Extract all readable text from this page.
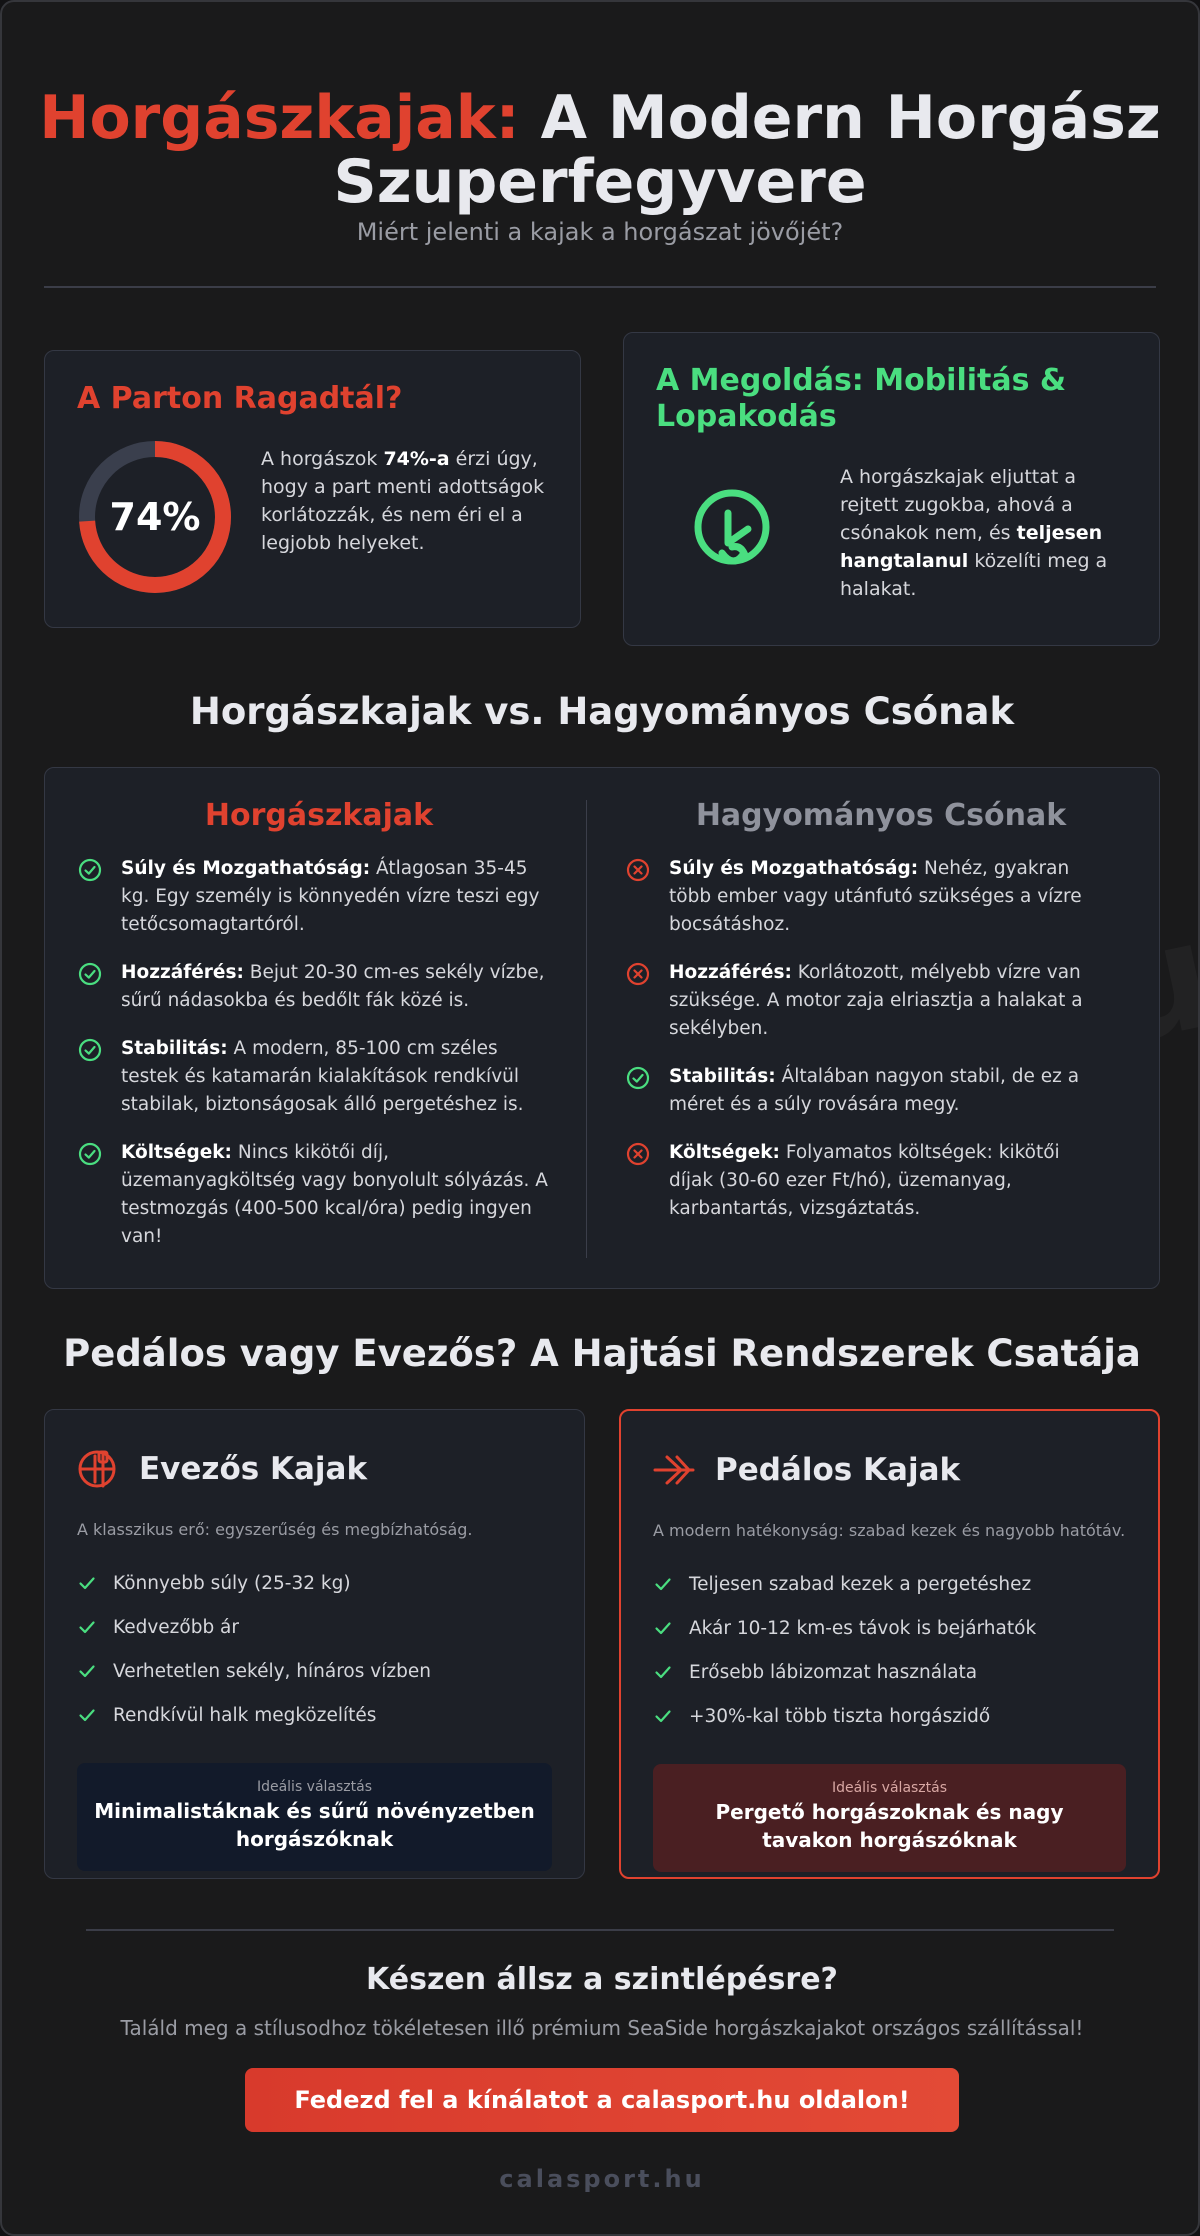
Horgászkajak: A Modern Horgász Szuperfegyvere
Miért jelenti a kajak a horgászat jövőjét?
A Parton Ragadtál?
74%

A horgászok 74%-a érzi úgy, hogy a part menti adottságok korlátozzák, és nem éri el a legjobb helyeket.

A Megoldás: Mobilitás & Lopakodás

A horgászkajak eljuttat a rejtett zugokba, ahová a csónakok nem, és teljesen hangtalanul közelíti meg a halakat.

Horgászkajak vs. Hagyományos Csónak
Horgászkajak
Súly és Mozgathatóság: Átlagosan 35-45 kg. Egy személy is könnyedén vízre teszi egy tetőcsomagtartóról.
Hozzáférés: Bejut 20-30 cm-es sekély vízbe, sűrű nádasokba és bedőlt fák közé is.
Stabilitás: A modern, 85-100 cm széles testek és katamarán kialakítások rendkívül stabilak, biztonságosak álló pergetéshez is.
Költségek: Nincs kikötői díj, üzemanyagköltség vagy bonyolult sólyázás. A testmozgás (400-500 kcal/óra) pedig ingyen van!
Hagyományos Csónak
Súly és Mozgathatóság: Nehéz, gyakran több ember vagy utánfutó szükséges a vízre bocsátáshoz.
Hozzáférés: Korlátozott, mélyebb vízre van szüksége. A motor zaja elriasztja a halakat a sekélyben.
Stabilitás: Általában nagyon stabil, de ez a méret és a súly rovására megy.
Költségek: Folyamatos költségek: kikötői díjak (30-60 ezer Ft/hó), üzemanyag, karbantartás, vizsgáztatás.
Pedálos vagy Evezős? A Hajtási Rendszerek Csatája
Evezős Kajak
A klasszikus erő: egyszerűség és megbízhatóság.
Könnyebb súly (25-32 kg)
Kedvezőbb ár
Verhetetlen sekély, hínáros vízben
Rendkívül halk megközelítés
Ideális választás
Minimalistáknak és sűrű növényzetben horgászóknak
Pedálos Kajak
A modern hatékonyság: szabad kezek és nagyobb hatótáv.
Teljesen szabad kezek a pergetéshez
Akár 10-12 km-es távok is bejárhatók
Erősebb lábizomzat használata
+30%-kal több tiszta horgászidő
Ideális választás
Pergető horgászoknak és nagy tavakon horgászóknak
Készen állsz a szintlépésre?
Találd meg a stílusodhoz tökéletesen illő prémium SeaSide horgászkajakot országos szállítással!
Fedezd fel a kínálatot a calasport.hu oldalon!
calasport.hu
